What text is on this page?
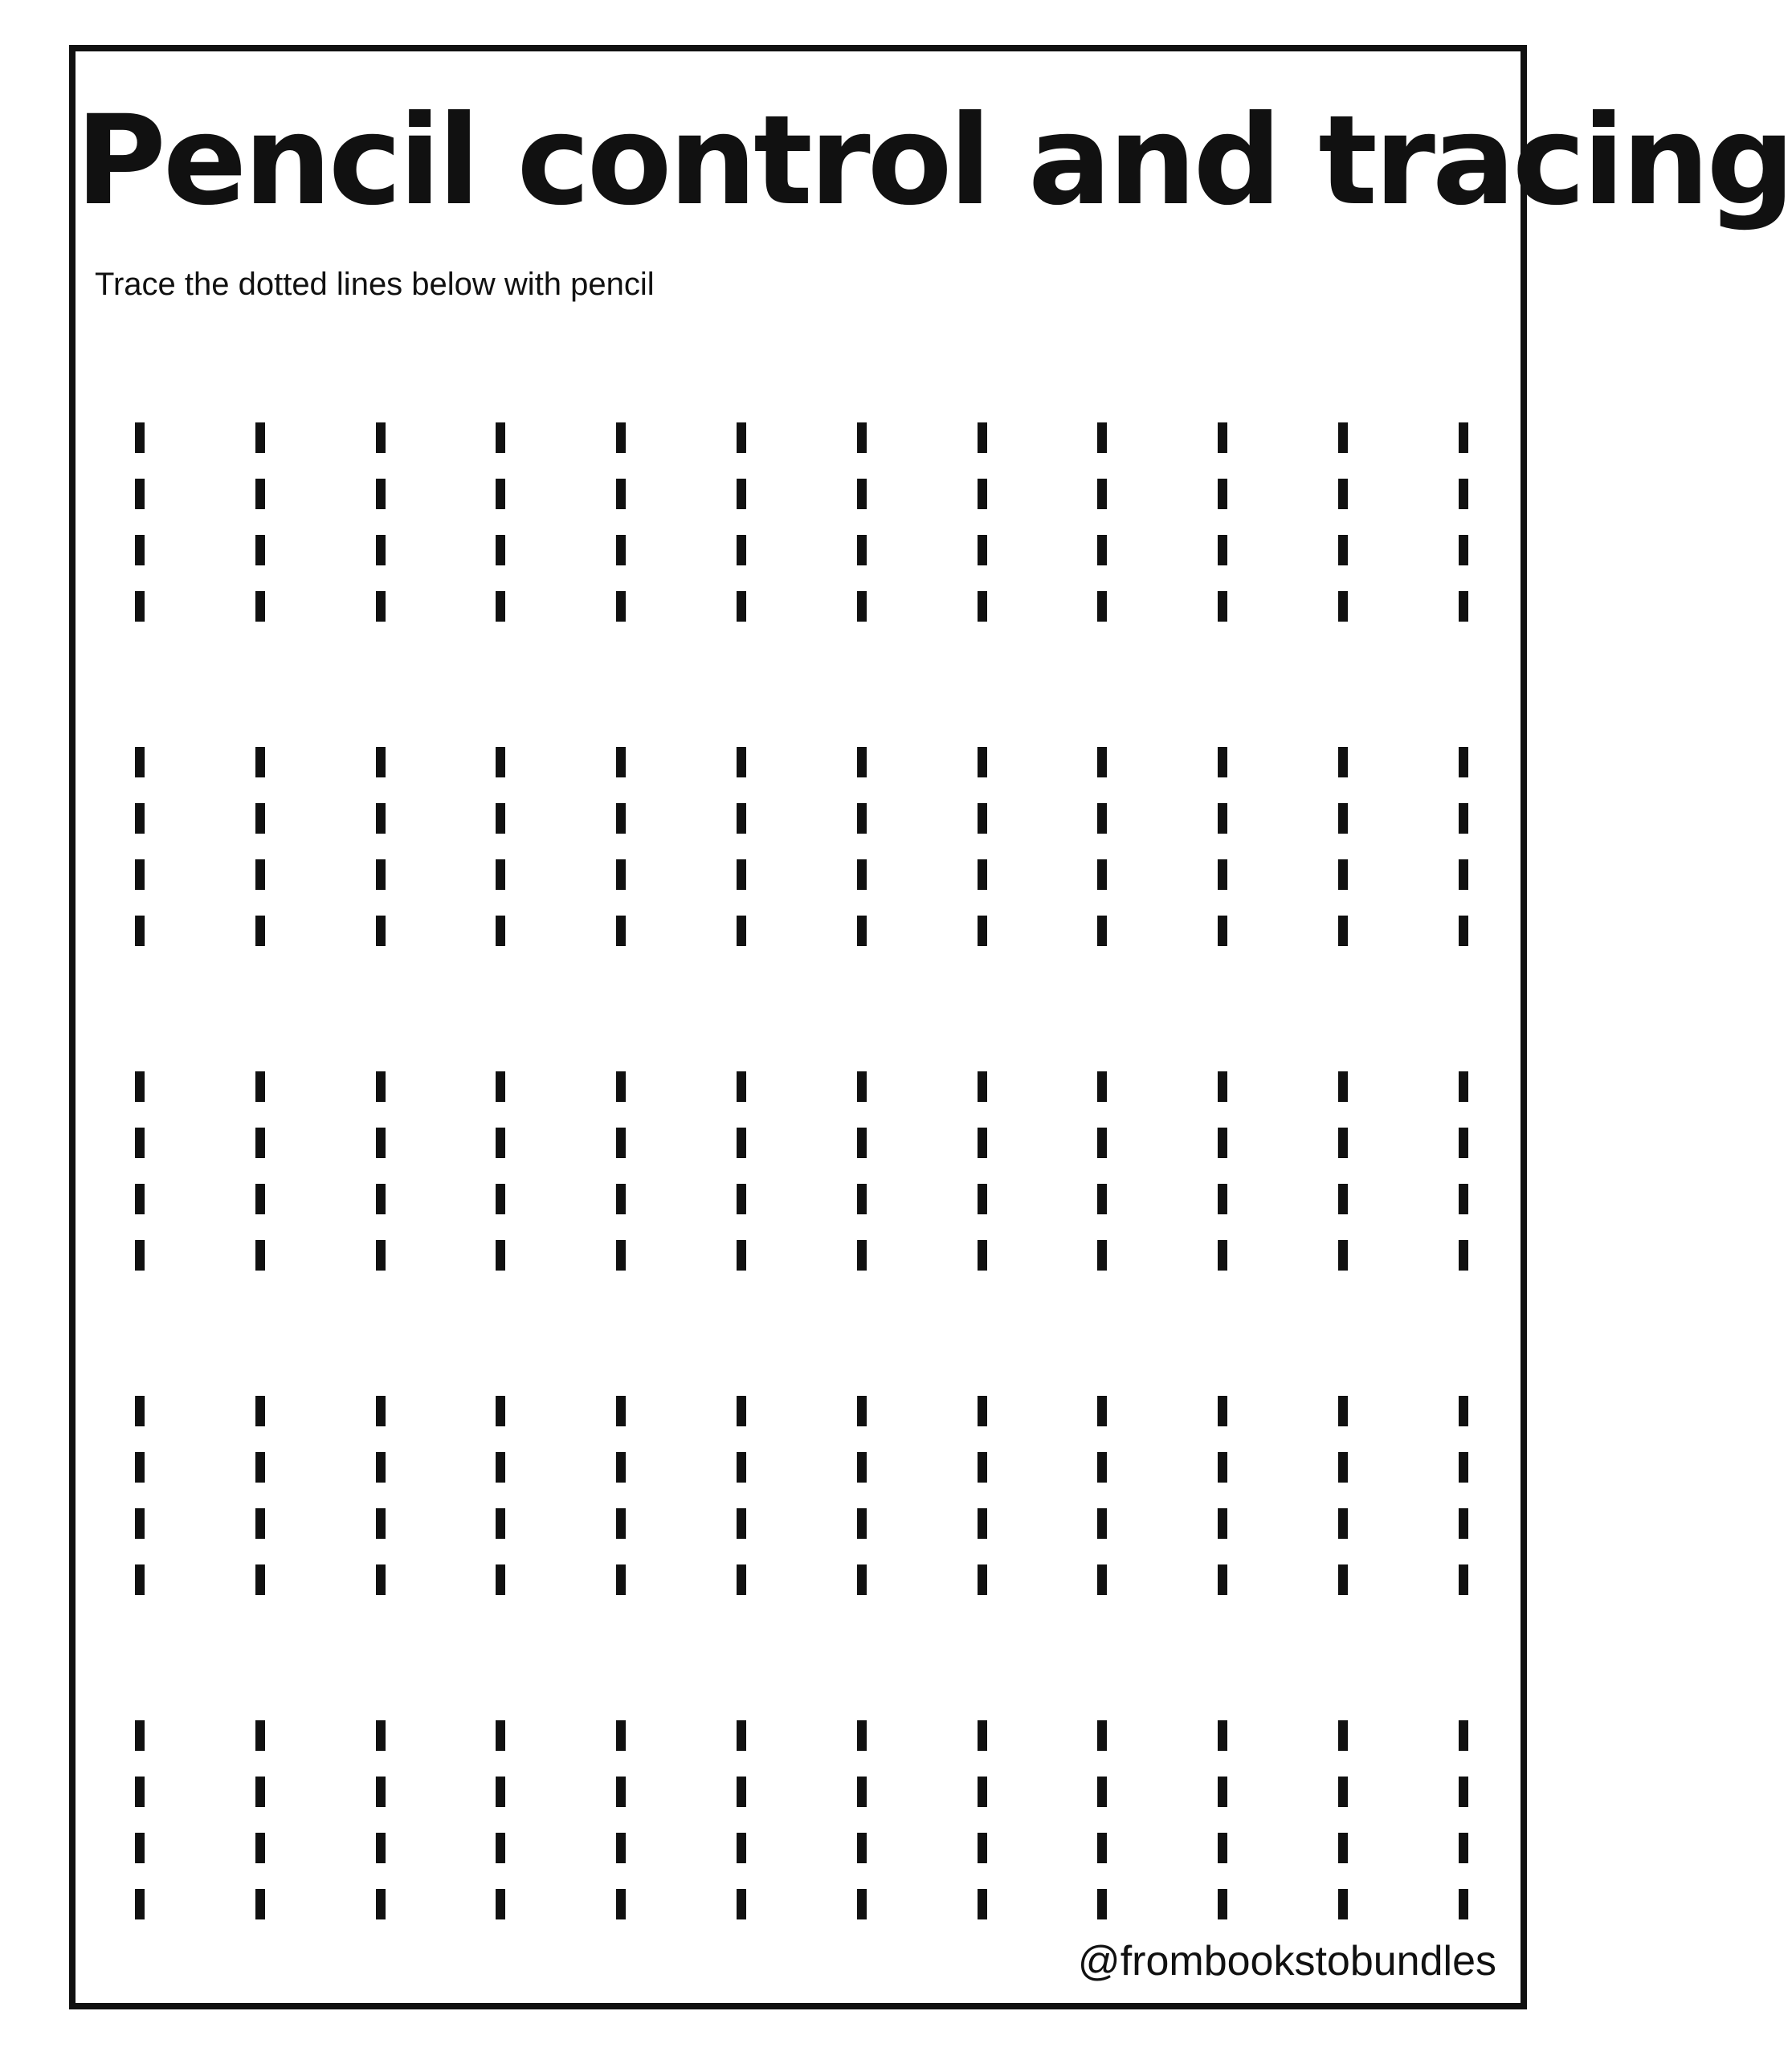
Pencil control and tracing
Trace the dotted lines below with pencil
@frombookstobundles
